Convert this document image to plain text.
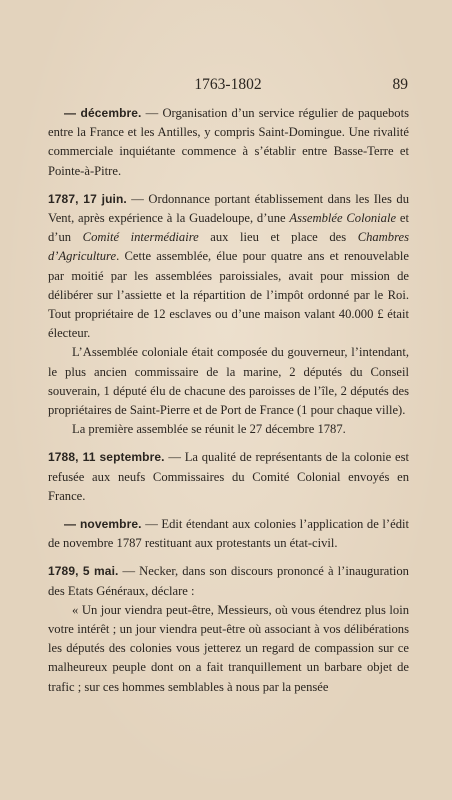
1763-1802	89

— décembre. — Organisation d’un service régulier de paquebots entre la France et les Antilles, y compris Saint-Domingue. Une rivalité commerciale inquiétante commence à s’établir entre Basse-Terre et Pointe-à-Pitre.

1787, 17 juin. — Ordonnance portant établissement dans les Iles du Vent, après expérience à la Guadeloupe, d’une Assemblée Coloniale et d’un Comité intermédiaire aux lieu et place des Chambres d’Agriculture. Cette assemblée, élue pour quatre ans et renouvelable par moitié par les assemblées paroissiales, avait pour mission de délibérer sur l’assiette et la répartition de l’impôt ordonné par le Roi. Tout propriétaire de 12 esclaves ou d’une maison valant 40.000 £ était électeur.

L’Assemblée coloniale était composée du gouverneur, l’intendant, le plus ancien commissaire de la marine, 2 députés du Conseil souverain, 1 député élu de chacune des paroisses de l’île, 2 députés des propriétaires de Saint-Pierre et de Port de France (1 pour chaque ville).

La première assemblée se réunit le 27 décembre 1787.

1788, 11 septembre. — La qualité de représentants de la colonie est refusée aux neufs Commissaires du Comité Colonial envoyés en France.

— novembre. — Edit étendant aux colonies l’application de l’édit de novembre 1787 restituant aux protestants un état-civil.

1789, 5 mai. — Necker, dans son discours prononcé à l’inauguration des Etats Généraux, déclare :

« Un jour viendra peut-être, Messieurs, où vous étendrez plus loin votre intérêt ; un jour viendra peut-être où associant à vos délibérations les députés des colonies vous jetterez un regard de compassion sur ce malheureux peuple dont on a fait tranquillement un barbare objet de trafic ; sur ces hommes semblables à nous par la pensée
